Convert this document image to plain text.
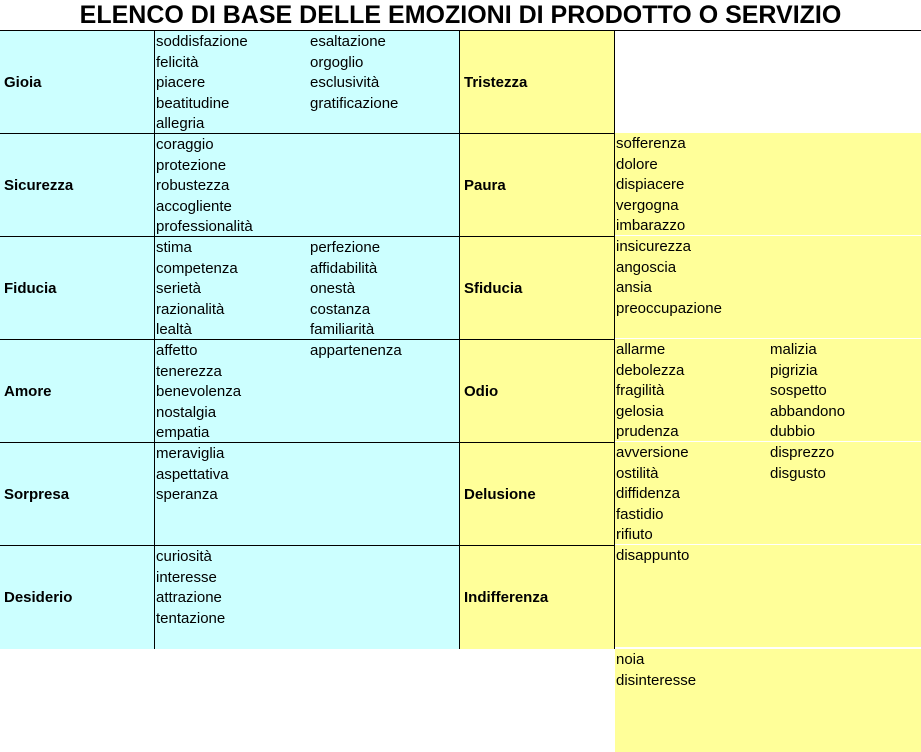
ELENCO DI BASE DELLE EMOZIONI DI PRODOTTO O SERVIZIO
Gioia
soddisfazione
felicità
piacere
beatitudine
allegria
esaltazione
orgoglio
esclusività
gratificazione
Tristezza
sofferenza
dolore
dispiacere
vergogna
imbarazzo
Sicurezza
coraggio
protezione
robustezza
accogliente
professionalità
Paura
insicurezza
angoscia
ansia
preoccupazione
Fiducia
stima
competenza
serietà
razionalità
lealtà
perfezione
affidabilità
onestà
costanza
familiarità
Sfiducia
allarme
debolezza
fragilità
gelosia
prudenza
malizia
pigrizia
sospetto
abbandono
dubbio
Amore
affetto
tenerezza
benevolenza
nostalgia
empatia
appartenenza
Odio
avversione
ostilità
diffidenza
fastidio
rifiuto
disprezzo
disgusto
Sorpresa
meraviglia
aspettativa
speranza	Delusione
disappunto
Desiderio
curiosità
interesse
attrazione
tentazione
Indifferenza
noia
disinteresse
